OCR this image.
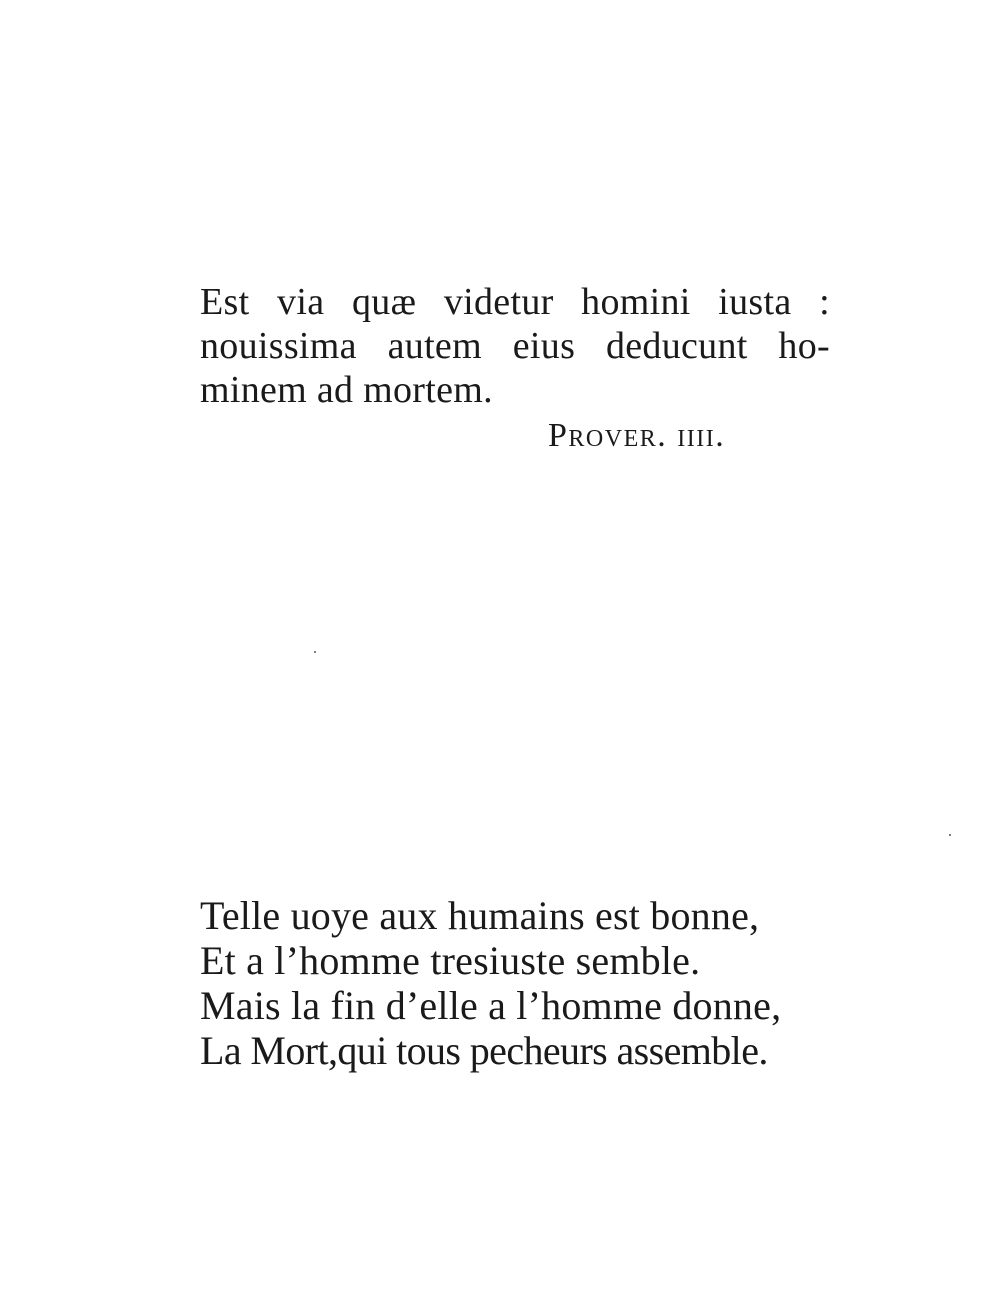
Est via quæ videtur homini iusta :
nouissima autem eius deducunt ho-
minem ad mortem.
Prover. iiii.
Telle uoye aux humains est bonne,
Et a l’homme tresiuste semble.
Mais la fin d’elle a l’homme donne,
La Mort,qui tous pecheurs assemble.
